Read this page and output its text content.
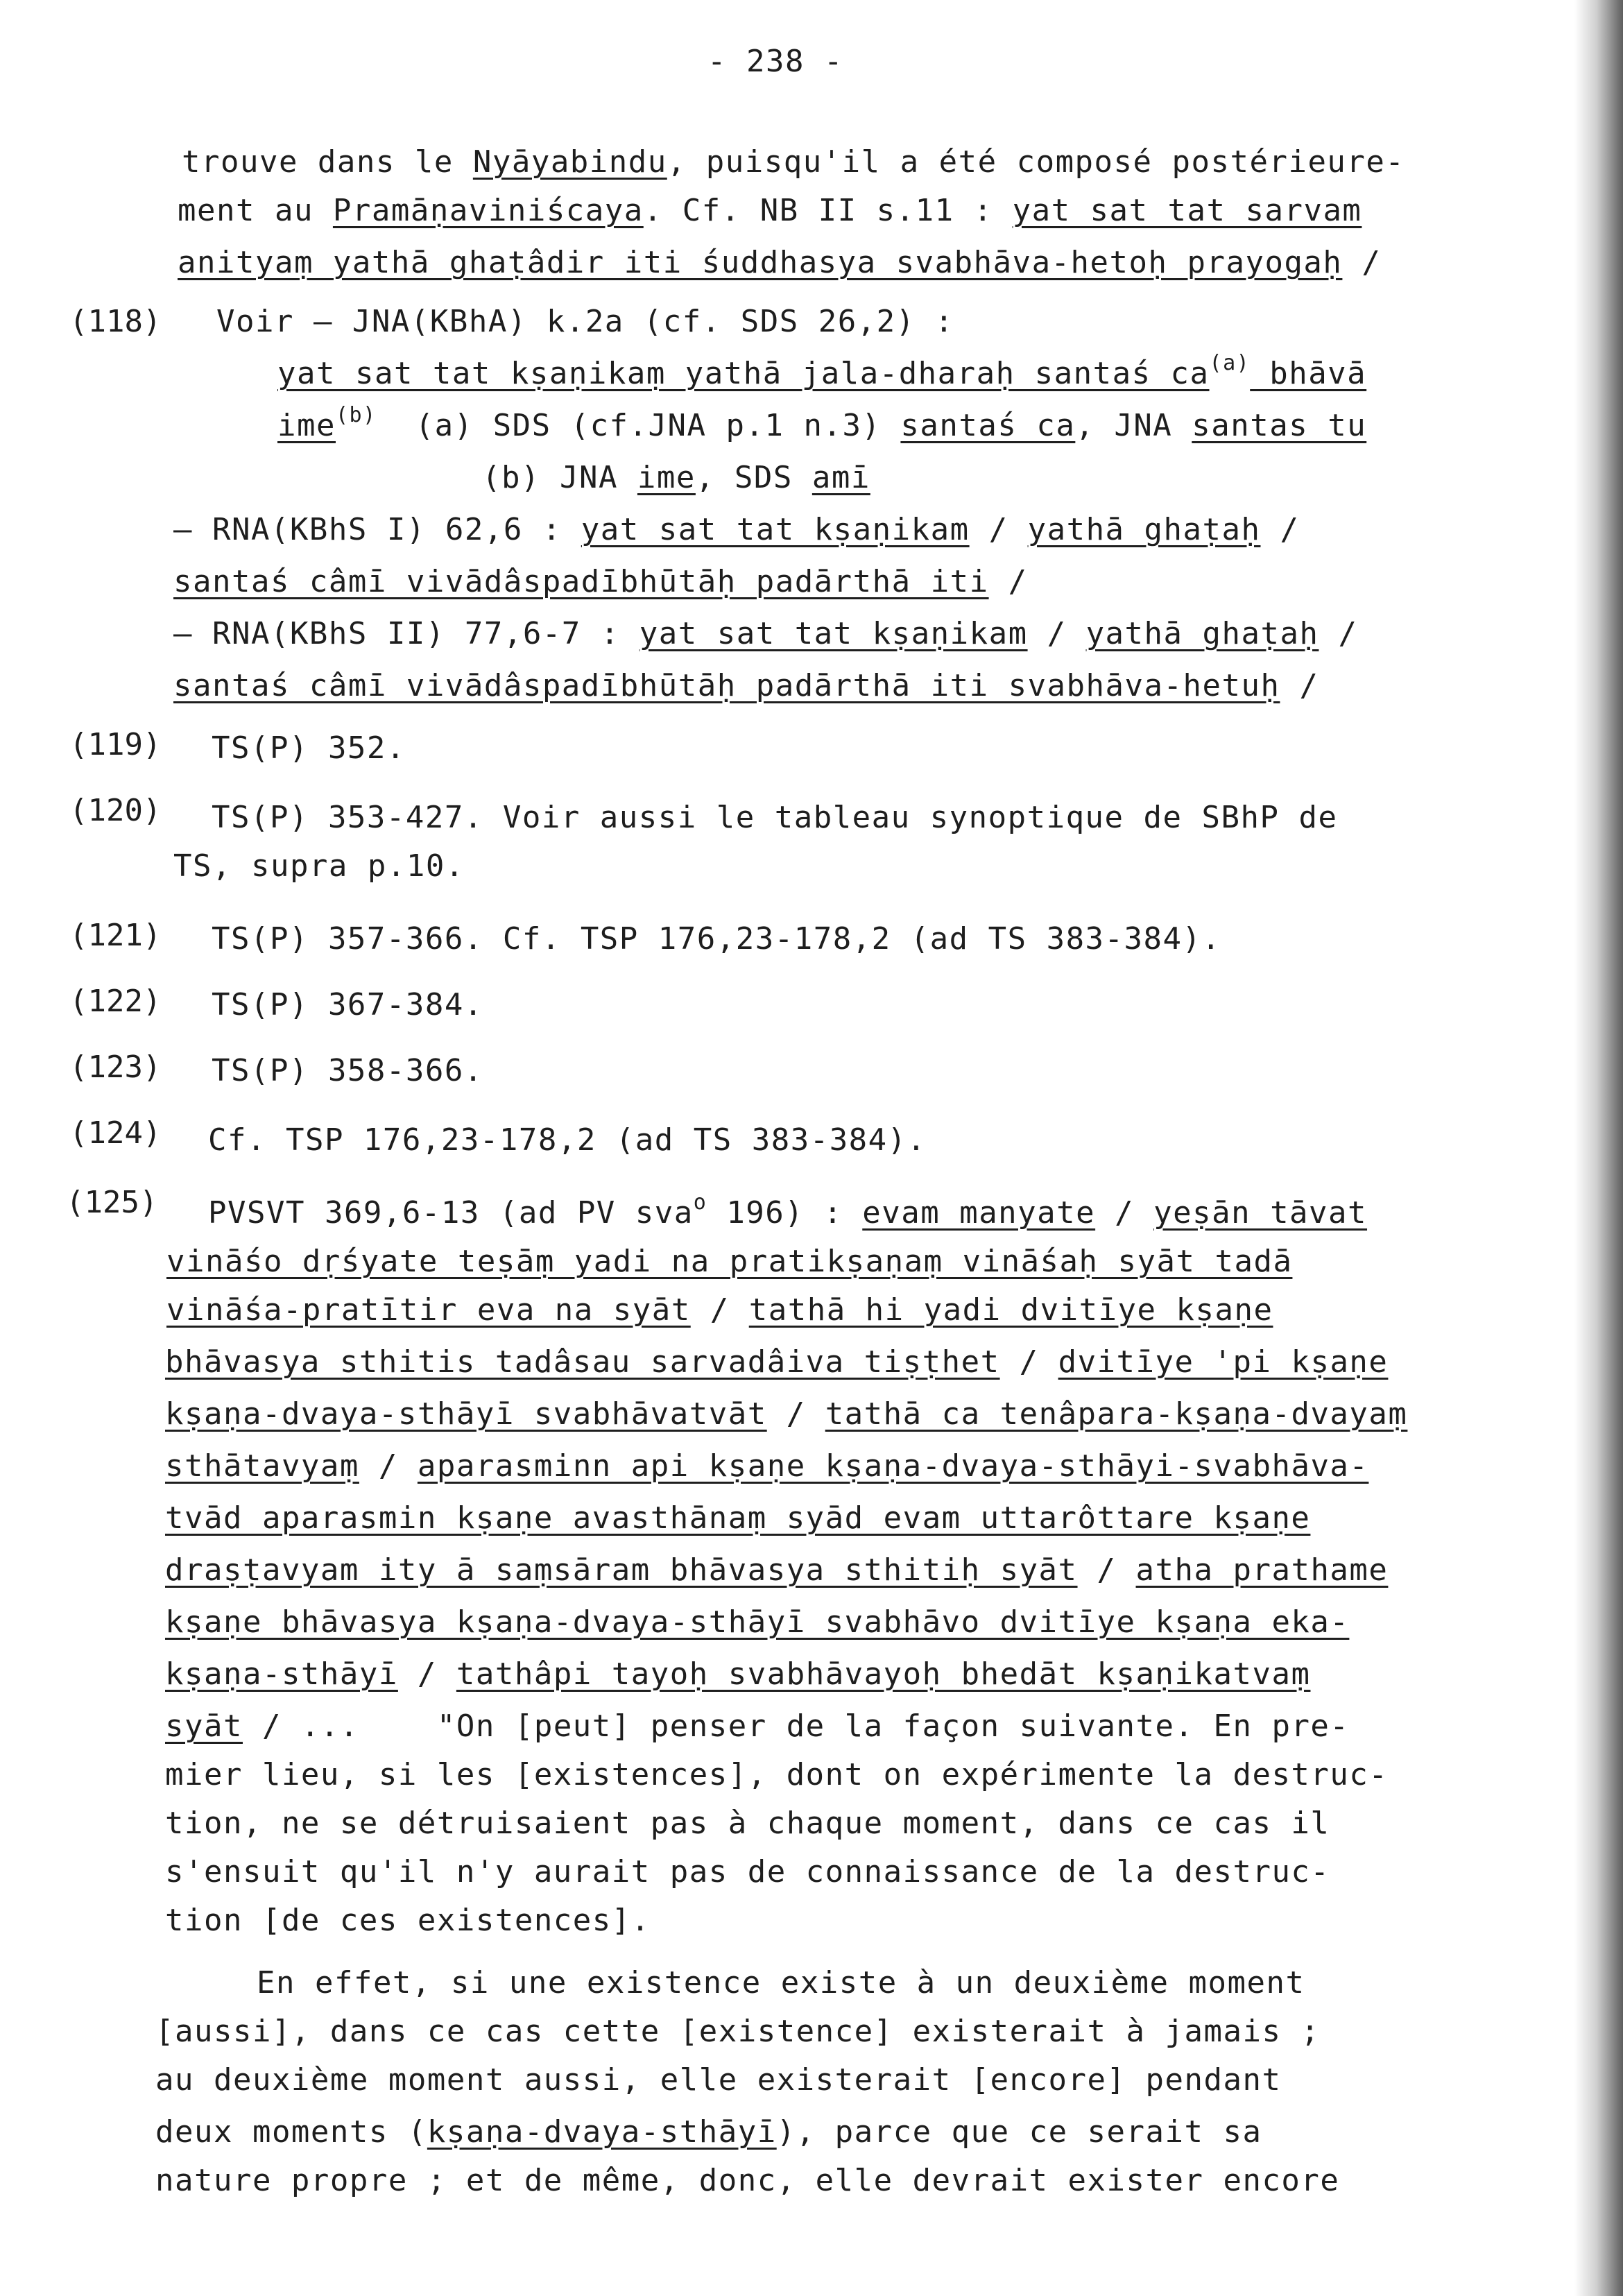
- 238 -
trouve dans le Nyāyabindu, puisqu'il a été composé postérieure-
ment au Pramāṇaviniścaya. Cf. NB II s.11 : yat sat tat sarvam
anityaṃ yathā ghaṭâdir iti śuddhasya svabhāva-hetoḥ prayogaḥ /
(118) Voir — JNA(KBhA) k.2a (cf. SDS 26,2) :
yat sat tat kṣaṇikaṃ yathā jala-dharaḥ santaś $ca^{(a)}$ bhāvā
ime$^{(b)}$  (a) SDS (cf.JNA p.1 n.3) santaś ca, JNA santas tu
(b) JNA ime, SDS amī
— RNA(KBhS I) 62,6 : yat sat tat kṣaṇikam / yathā ghaṭaḥ /
santaś câmī vivādâspadībhūtāḥ padārthā iti /
— RNA(KBhS II) 77,6-7 : yat sat tat kṣaṇikam / yathā ghaṭaḥ /
santaś câmī vivādâspadībhūtāḥ padārthā iti svabhāva-hetuḥ /
(119) TS(P) 352.
(120) TS(P) 353-427. Voir aussi le tableau synoptique de SBhP de
TS, supra p.10.
(121) TS(P) 357-366. Cf. TSP 176,23-178,2 (ad TS 383-384).
(122) TS(P) 367-384.
(123) TS(P) 358-366.
(124) Cf. TSP 176,23-178,2 (ad TS 383-384).
(125) PVSVT 369,6-13 (ad PV sva$^o$ 196) : evam manyate / yeṣān tāvat
vināśo dṛśyate teṣāṃ yadi na pratikṣaṇaṃ vināśaḥ syāt tadā
vināśa-pratītir eva na syāt / tathā hi yadi dvitīye kṣaṇe
bhāvasya sthitis tadâsau sarvadâiva tiṣṭhet / dvitīye 'pi kṣaṇe
kṣaṇa-dvaya-sthāyī svabhāvatvāt / tathā ca tenâpara-kṣaṇa-dvayaṃ
sthātavyaṃ / aparasminn api kṣaṇe kṣaṇa-dvaya-sthāyi-svabhāva-
tvād aparasmin kṣaṇe avasthānaṃ syād evam uttarôttare kṣaṇe
draṣṭavyam ity ā saṃsāram bhāvasya sthitiḥ syāt / atha prathame
kṣaṇe bhāvasya kṣaṇa-dvaya-sthāyī svabhāvo dvitīye kṣaṇa eka-
kṣaṇa-sthāyī / tathâpi tayoḥ svabhāvayoḥ bhedāt kṣaṇikatvaṃ
syāt / ...    "On [peut] penser de la façon suivante. En pre-
mier lieu, si les [existences], dont on expérimente la destruc-
tion, ne se détruisaient pas à chaque moment, dans ce cas il
s'ensuit qu'il n'y aurait pas de connaissance de la destruc-
tion [de ces existences].
En effet, si une existence existe à un deuxième moment
[aussi], dans ce cas cette [existence] existerait à jamais ;
au deuxième moment aussi, elle existerait [encore] pendant
deux moments (kṣaṇa-dvaya-sthāyī), parce que ce serait sa
nature propre ; et de même, donc, elle devrait exister encore
